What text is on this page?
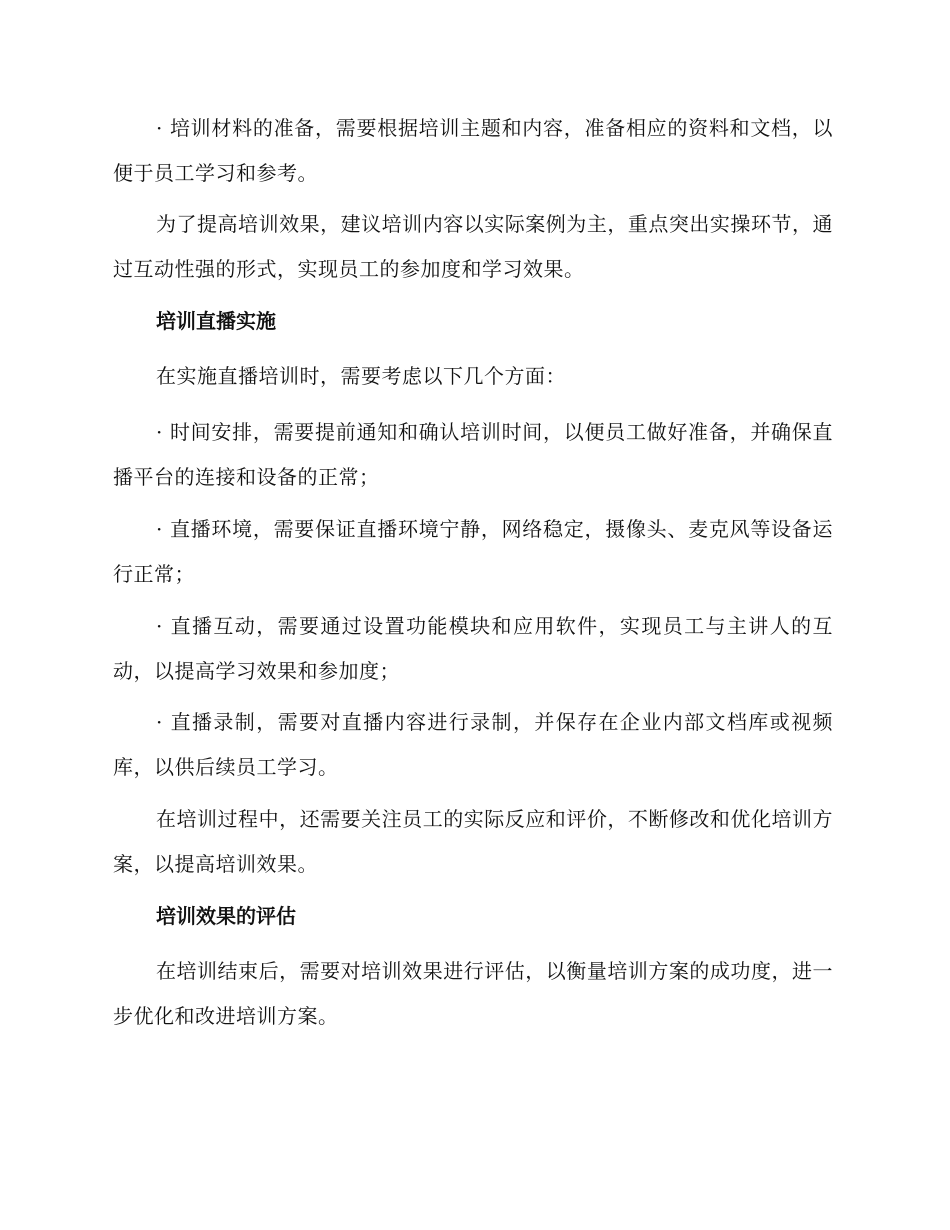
· 培训材料的准备，需要根据培训主题和内容，准备相应的资料和文档，以便于员工学习和参考。

为了提高培训效果，建议培训内容以实际案例为主，重点突出实操环节，通过互动性强的形式，实现员工的参加度和学习效果。

培训直播实施

在实施直播培训时，需要考虑以下几个方面：

· 时间安排，需要提前通知和确认培训时间，以便员工做好准备，并确保直播平台的连接和设备的正常；

· 直播环境，需要保证直播环境宁静，网络稳定，摄像头、麦克风等设备运行正常；

· 直播互动，需要通过设置功能模块和应用软件，实现员工与主讲人的互动，以提高学习效果和参加度；

· 直播录制，需要对直播内容进行录制，并保存在企业内部文档库或视频库，以供后续员工学习。

在培训过程中，还需要关注员工的实际反应和评价，不断修改和优化培训方案，以提高培训效果。

培训效果的评估

在培训结束后，需要对培训效果进行评估，以衡量培训方案的成功度，进一步优化和改进培训方案。
